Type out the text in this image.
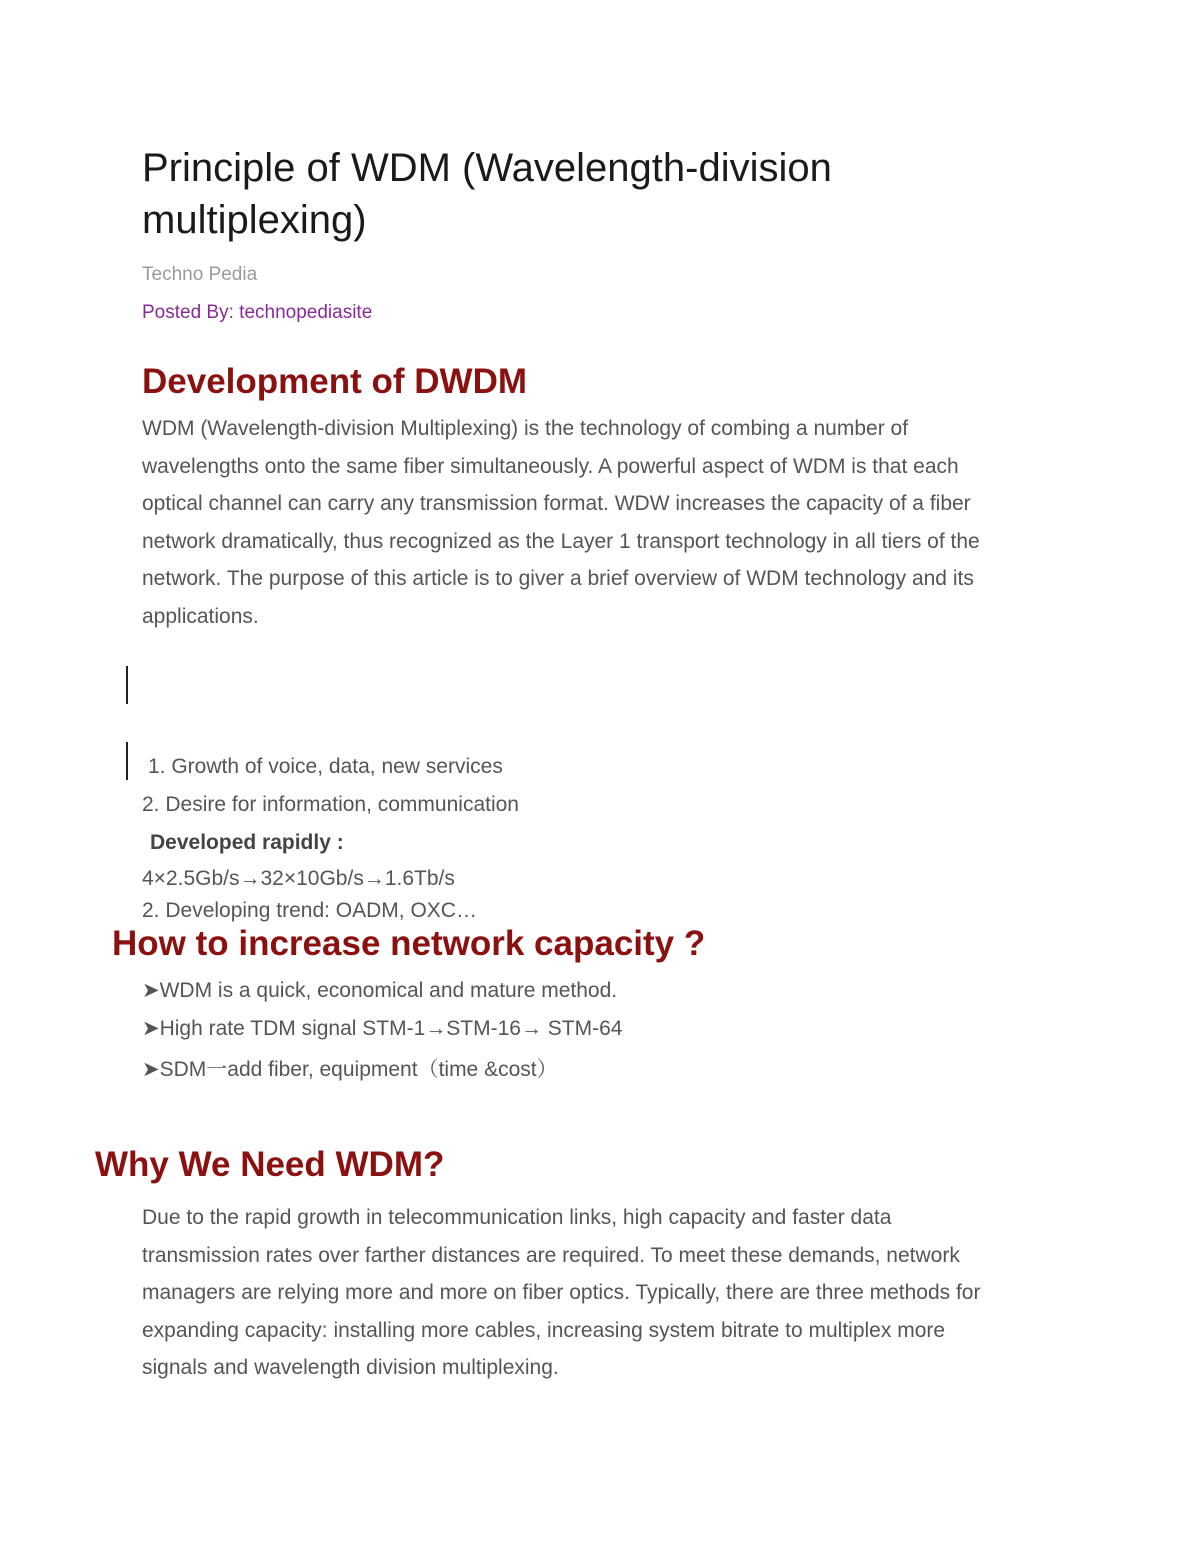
Principle of WDM (Wavelength-division
multiplexing)
Techno Pedia
Posted By: technopediasite
Development of DWDM
WDM (Wavelength-division Multiplexing) is the technology of combing a number of
wavelengths onto the same fiber simultaneously. A powerful aspect of WDM is that each
optical channel can carry any transmission format. WDW increases the capacity of a fiber
network dramatically, thus recognized as the Layer 1 transport technology in all tiers of the
network. The purpose of this article is to giver a brief overview of WDM technology and its
applications.
1. Growth of voice, data, new services
2. Desire for information, communication
Developed rapidly :
4×2.5Gb/s→32×10Gb/s→1.6Tb/s
2. Developing trend: OADM, OXC…
How to increase network capacity ?
➤WDM is a quick, economical and mature method.
➤High rate TDM signal STM-1→STM-16→ STM-64
➤SDM一add fiber, equipment（time &cost）
Why We Need WDM?
Due to the rapid growth in telecommunication links, high capacity and faster data
transmission rates over farther distances are required. To meet these demands, network
managers are relying more and more on fiber optics. Typically, there are three methods for
expanding capacity: installing more cables, increasing system bitrate to multiplex more
signals and wavelength division multiplexing.
